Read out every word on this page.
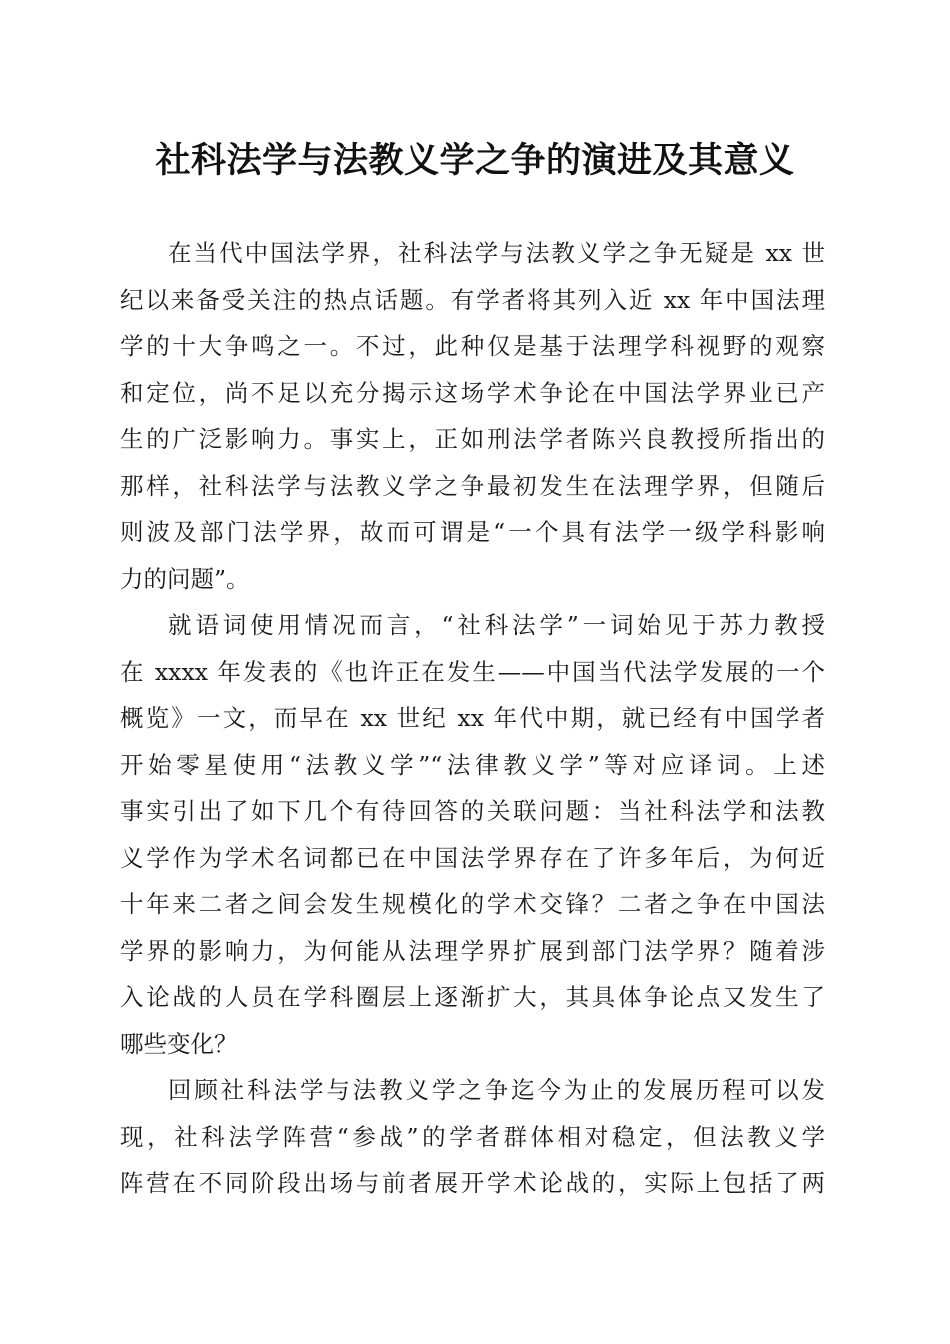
社科法学与法教义学之争的演进及其意义
在当代中国法学界，社科法学与法教义学之争无疑是 xx 世
纪以来备受关注的热点话题。有学者将其列入近 xx 年中国法理
学的十大争鸣之一。不过，此种仅是基于法理学科视野的观察
和定位，尚不足以充分揭示这场学术争论在中国法学界业已产
生的广泛影响力。事实上，正如刑法学者陈兴良教授所指出的
那样，社科法学与法教义学之争最初发生在法理学界，但随后
则波及部门法学界，故而可谓是“一个具有法学一级学科影响
力的问题”。
就语词使用情况而言，“社科法学”一词始见于苏力教授
在 xxxx 年发表的《也许正在发生——中国当代法学发展的一个
概览》一文，而早在 xx 世纪 xx 年代中期，就已经有中国学者
开始零星使用“法教义学”“法律教义学”等对应译词。上述
事实引出了如下几个有待回答的关联问题：当社科法学和法教
义学作为学术名词都已在中国法学界存在了许多年后，为何近
十年来二者之间会发生规模化的学术交锋？二者之争在中国法
学界的影响力，为何能从法理学界扩展到部门法学界？随着涉
入论战的人员在学科圈层上逐渐扩大，其具体争论点又发生了
哪些变化？
回顾社科法学与法教义学之争迄今为止的发展历程可以发
现，社科法学阵营“参战”的学者群体相对稳定，但法教义学
阵营在不同阶段出场与前者展开学术论战的，实际上包括了两
